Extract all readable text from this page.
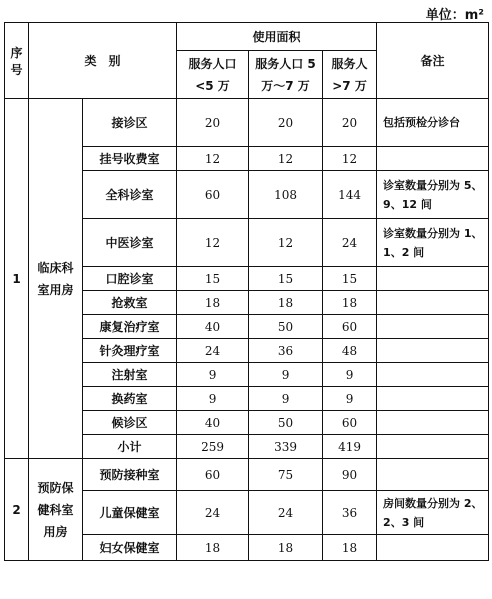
单位：m²
序号	类　别		使用面积			备注
			服务人口<5 万	服务人口 5 万～7 万	服务人>7 万	
1	临床科室用房	接诊区	20	20	20	包括预检分诊台
		挂号收费室	12	12	12	
		全科诊室	60	108	144	诊室数量分别为 5、9、12 间
		中医诊室	12	12	24	诊室数量分别为 1、1、2 间
		口腔诊室	15	15	15	
		抢救室	18	18	18	
		康复治疗室	40	50	60	
		针灸理疗室	24	36	48	
		注射室	9	9	9	
		换药室	9	9	9	
		候诊区	40	50	60	
		小计	259	339	419	
2	预防保健科室用房	预防接种室	60	75	90	
		儿童保健室	24	24	36	房间数量分别为 2、2、3 间
		妇女保健室	18	18	18	
